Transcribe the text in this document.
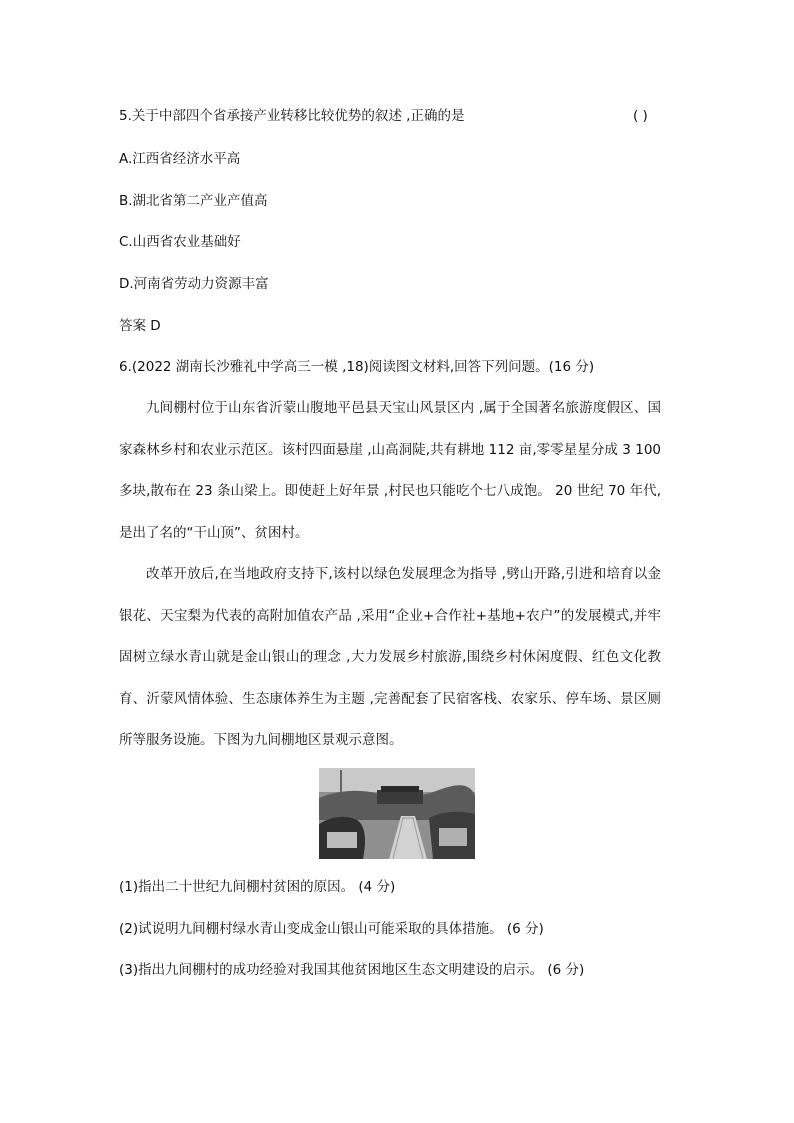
5.关于中部四个省承接产业转移比较优势的叙述 ,正确的是	( )
A.江西省经济水平高
B.湖北省第二产业产值高
C.山西省农业基础好
D.河南省劳动力资源丰富
答案 D
6.(2022 湖南长沙雅礼中学高三一模 ,18)阅读图文材料,回答下列问题。(16 分)
九间棚村位于山东省沂蒙山腹地平邑县天宝山风景区内 ,属于全国著名旅游度假区、国家森林乡村和农业示范区。该村四面悬崖 ,山高洞陡,共有耕地 112 亩,零零星星分成 3 100 多块,散布在 23 条山梁上。即使赶上好年景 ,村民也只能吃个七八成饱。 20 世纪 70 年代,是出了名的“干山顶”、贫困村。
改革开放后,在当地政府支持下,该村以绿色发展理念为指导 ,劈山开路,引进和培育以金银花、天宝梨为代表的高附加值农产品 ,采用“企业+合作社+基地+农户”的发展模式,并牢固树立绿水青山就是金山银山的理念 ,大力发展乡村旅游,围绕乡村休闲度假、红色文化教育、沂蒙风情体验、生态康体养生为主题 ,完善配套了民宿客栈、农家乐、停车场、景区厕所等服务设施。下图为九间棚地区景观示意图。
(1)指出二十世纪九间棚村贫困的原因。 (4 分)
(2)试说明九间棚村绿水青山变成金山银山可能采取的具体措施。 (6 分)
(3)指出九间棚村的成功经验对我国其他贫困地区生态文明建设的启示。 (6 分)
